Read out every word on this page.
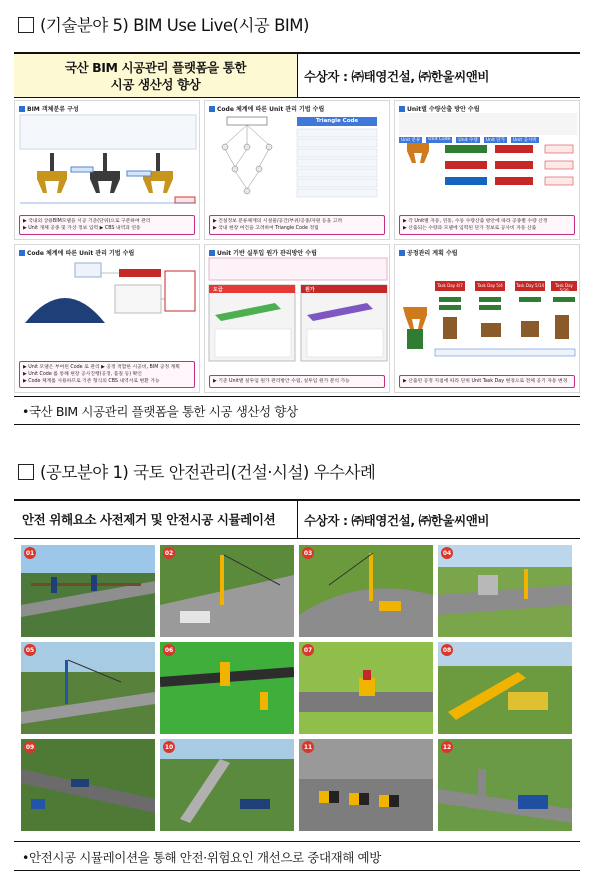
(기술분야 5) BIM Use Live(시공 BIM)
국산 BIM 시공관리 플랫폼을 통한
시공 생산성 향상
수상자 : ㈜태영건설, ㈜한울씨앤비
BIM 객체분류 구성
▶ 국내외 상용BIM모델을 시공 기준(단위)으로 구분하여 관리
▶ Unit 개체 공종 및 가상 정보 입력 ▶ CBS 내역과 연동
Code 체계에 따른 Unit 관리 기법 수립
Triangle Code
▶ 건설정보 분류체계의 시설물/공간/부위/공종/자원 등을 고려
▶ 국내 현장 여건을 고려하여 Triangle Code 정립
Unit별 수량산출 방안 수립
Unit 분류	Unit Code	Unit 수량	Unit 단가	Unit 공사비
▶ 각 Unit별 자동, 연동, 수동 수량산출 방안에 따라 공종별 수량 산정
▶ 산출되는 수량과 모델에 입력된 단가 정보로 공사비 자동 산출
Code 체계에 따른 Unit 관리 기법 수립
▶ Unit 모델은 부여된 Code 로 관리 ▶ 공정 적합한 시공비, BIM 공정 계획
▶ Unit Code 를 통해 현장 공사진행(공정, 품질 등) 확인
▶ Code 체계를 사용하므로 기존 형식의 CBS 내역서로 변환 가능
Unit 기반 실투입 원가 관리방안 수립
도급	원가
▶ 기준 Unit별 실투입 원가 관리방안 수립, 실투입 원가 분석 가능
공정관리 계획 수립
Task Day 4/7	Task Day 5/4	Task Day 5/14	Task Day 5/30
▶ 산출된 공정 지침에 따라 단위 Unit Task Day 변경으로 전체 공기 자동 변경
•국산 BIM 시공관리 플랫폼을 통한 시공 생산성 향상
(공모분야 1) 국토 안전관리(건설·시설) 우수사례
안전 위해요소 사전제거 및 안전시공 시뮬레이션	수상자 : ㈜태영건설, ㈜한울씨앤비
01	02	03	04
05	06	07	08
09	10	11	12
•안전시공 시뮬레이션을 통해 안전·위험요인 개선으로 중대재해 예방
